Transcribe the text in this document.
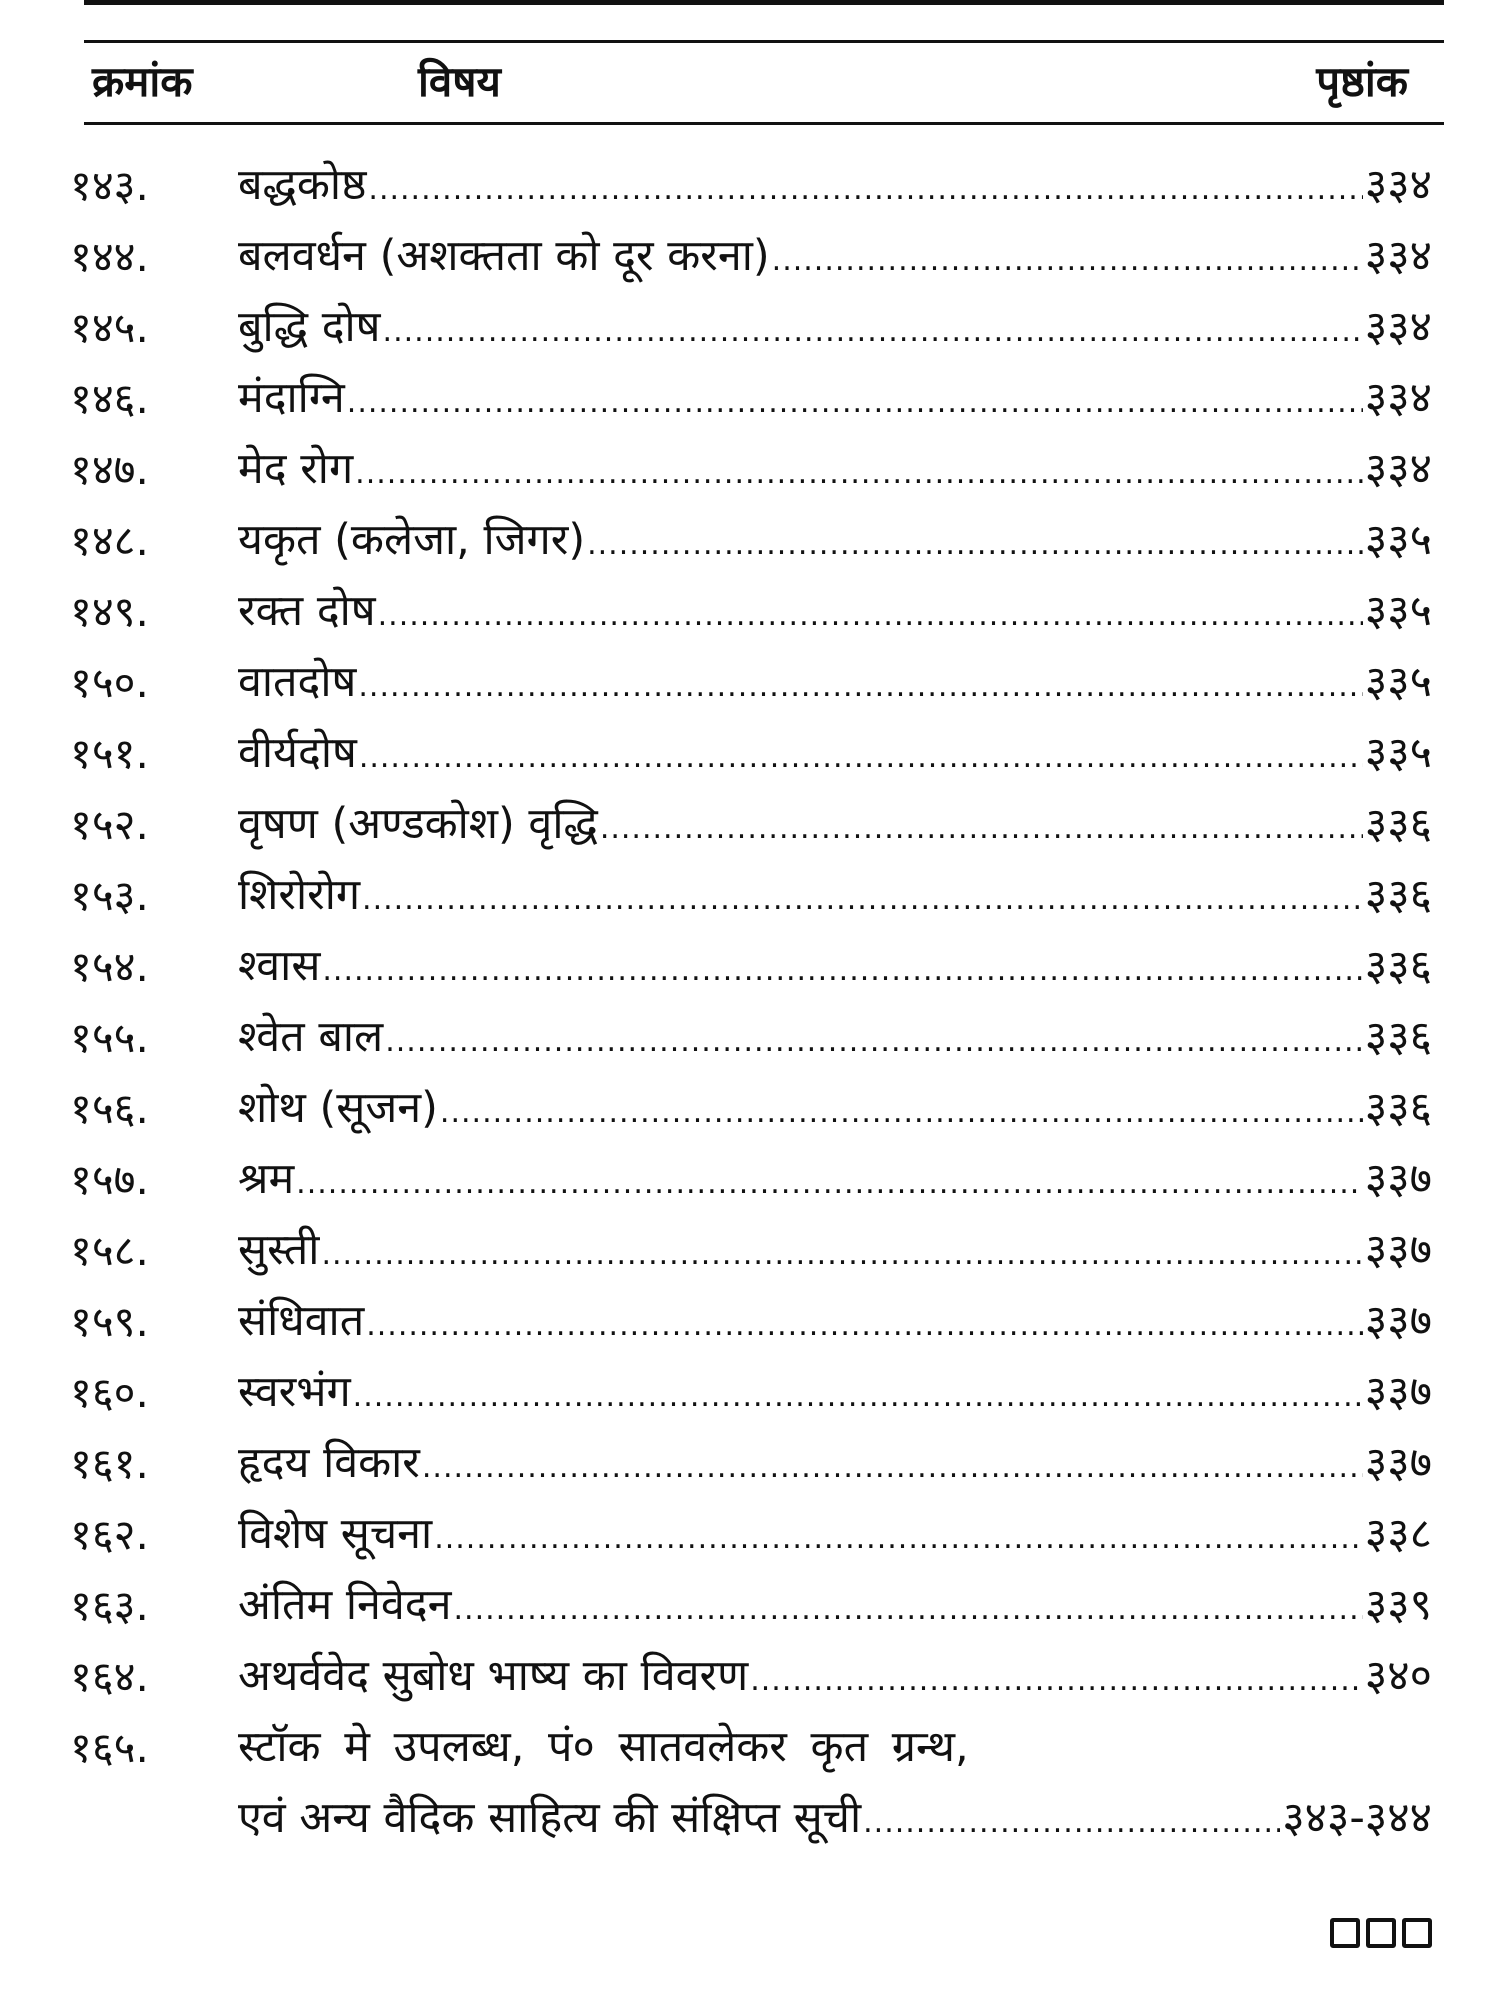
क्रमांक	विषय	पृष्ठांक
१४३.	बद्धकोष्ठ .....	३३४
१४४.	बलवर्धन (अशक्तता को दूर करना) .....	३३४
१४५.	बुद्धि दोष .....	३३४
१४६.	मंदाग्नि .....	३३४
१४७.	मेद रोग .....	३३४
१४८.	यकृत (कलेजा, जिगर) .....	३३५
१४९.	रक्त दोष .....	३३५
१५०.	वातदोष .....	३३५
१५१.	वीर्यदोष .....	३३५
१५२.	वृषण (अण्डकोश) वृद्धि .....	३३६
१५३.	शिरोरोग .....	३३६
१५४.	श्वास .....	३३६
१५५.	श्वेत बाल .....	३३६
१५६.	शोथ (सूजन) .....	३३६
१५७.	श्रम .....	३३७
१५८.	सुस्ती .....	३३७
१५९.	संधिवात .....	३३७
१६०.	स्वरभंग .....	३३७
१६१.	हृदय विकार .....	३३७
१६२.	विशेष सूचना .....	३३८
१६३.	अंतिम निवेदन .....	३३९
१६४.	अथर्ववेद सुबोध भाष्य का विवरण .....	३४०
१६५.	स्टॉक मे उपलब्ध, पं० सातवलेकर कृत ग्रन्थ,
एवं अन्य वैदिक साहित्य की संक्षिप्त सूची .....	३४३-३४४
